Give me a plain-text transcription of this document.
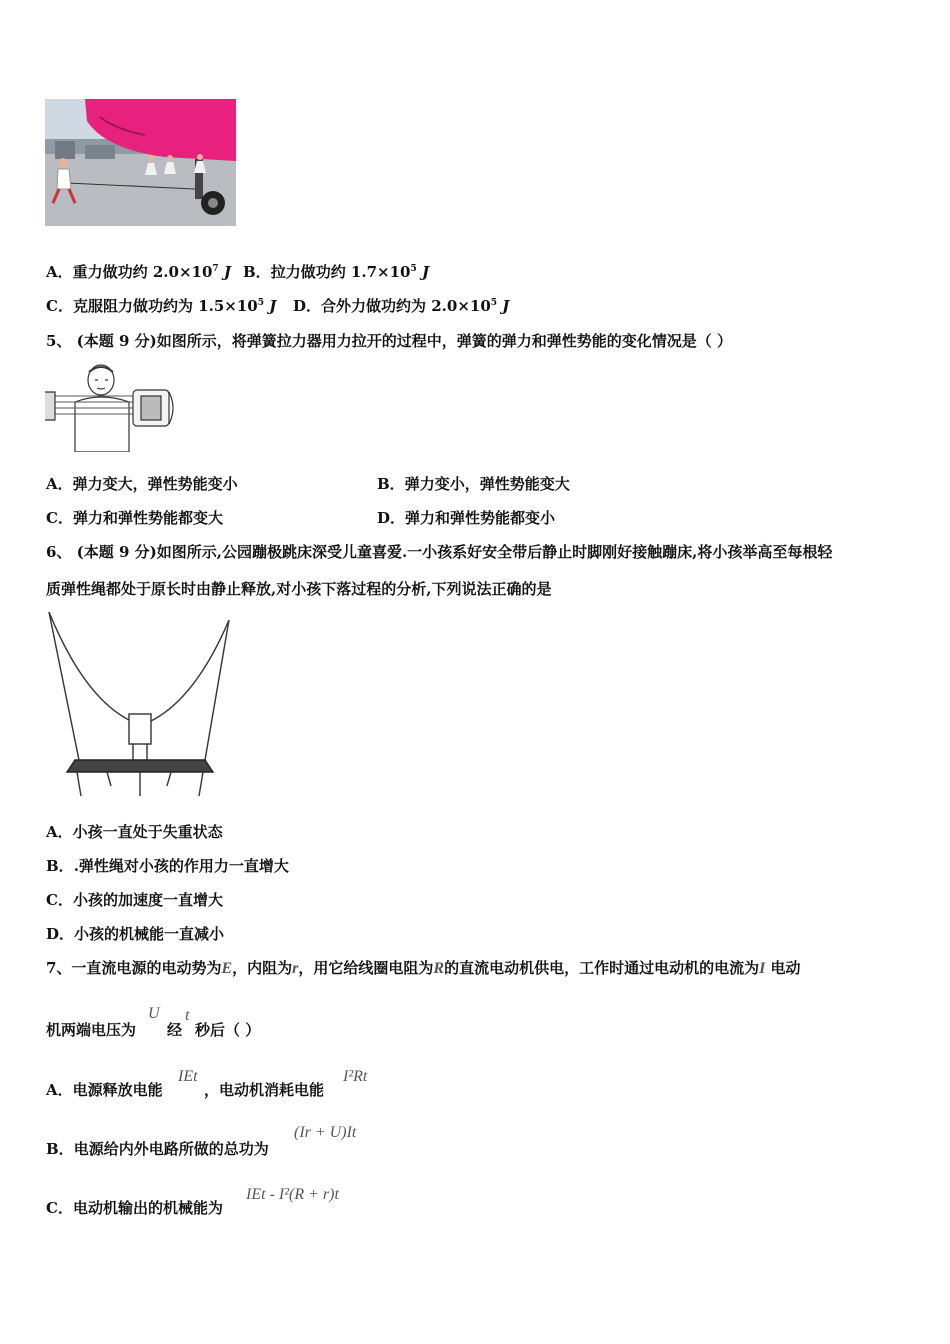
A．重力做功约 $2.0\times 10^7$ J B．拉力做功约 $1.7\times 10^5$ J
C．克服阻力做功约为 $1.5\times 10^5$ J D．合外力做功约为 $2.0\times 10^5$ J
5、 (本题 9 分)如图所示，将弹簧拉力器用力拉开的过程中，弹簧的弹力和弹性势能的变化情况是（ ）
A．弹力变大，弹性势能变小	B．弹力变小，弹性势能变大
C．弹力和弹性势能都变大	D．弹力和弹性势能都变小
6、 (本题 9 分)如图所示,公园蹦极跳床深受儿童喜爱.一小孩系好安全带后静止时脚刚好接触蹦床,将小孩举高至每根轻
质弹性绳都处于原长时由静止释放,对小孩下落过程的分析,下列说法正确的是
A．小孩一直处于失重状态
B．.弹性绳对小孩的作用力一直增大
C．小孩的加速度一直增大
D．小孩的机械能一直减小
7、一直流电源的电动势为E，内阻为r，用它给线圈电阻为R的直流电动机供电，工作时通过电动机的电流为I 电动
机两端电压为
U
经
t
秒后（ ）
A．电源释放电能
IEt
，电动机消耗电能
I²Rt
B．电源给内外电路所做的总功为
(Ir + U)It
C．电动机输出的机械能为
IEt - I²(R + r)t
